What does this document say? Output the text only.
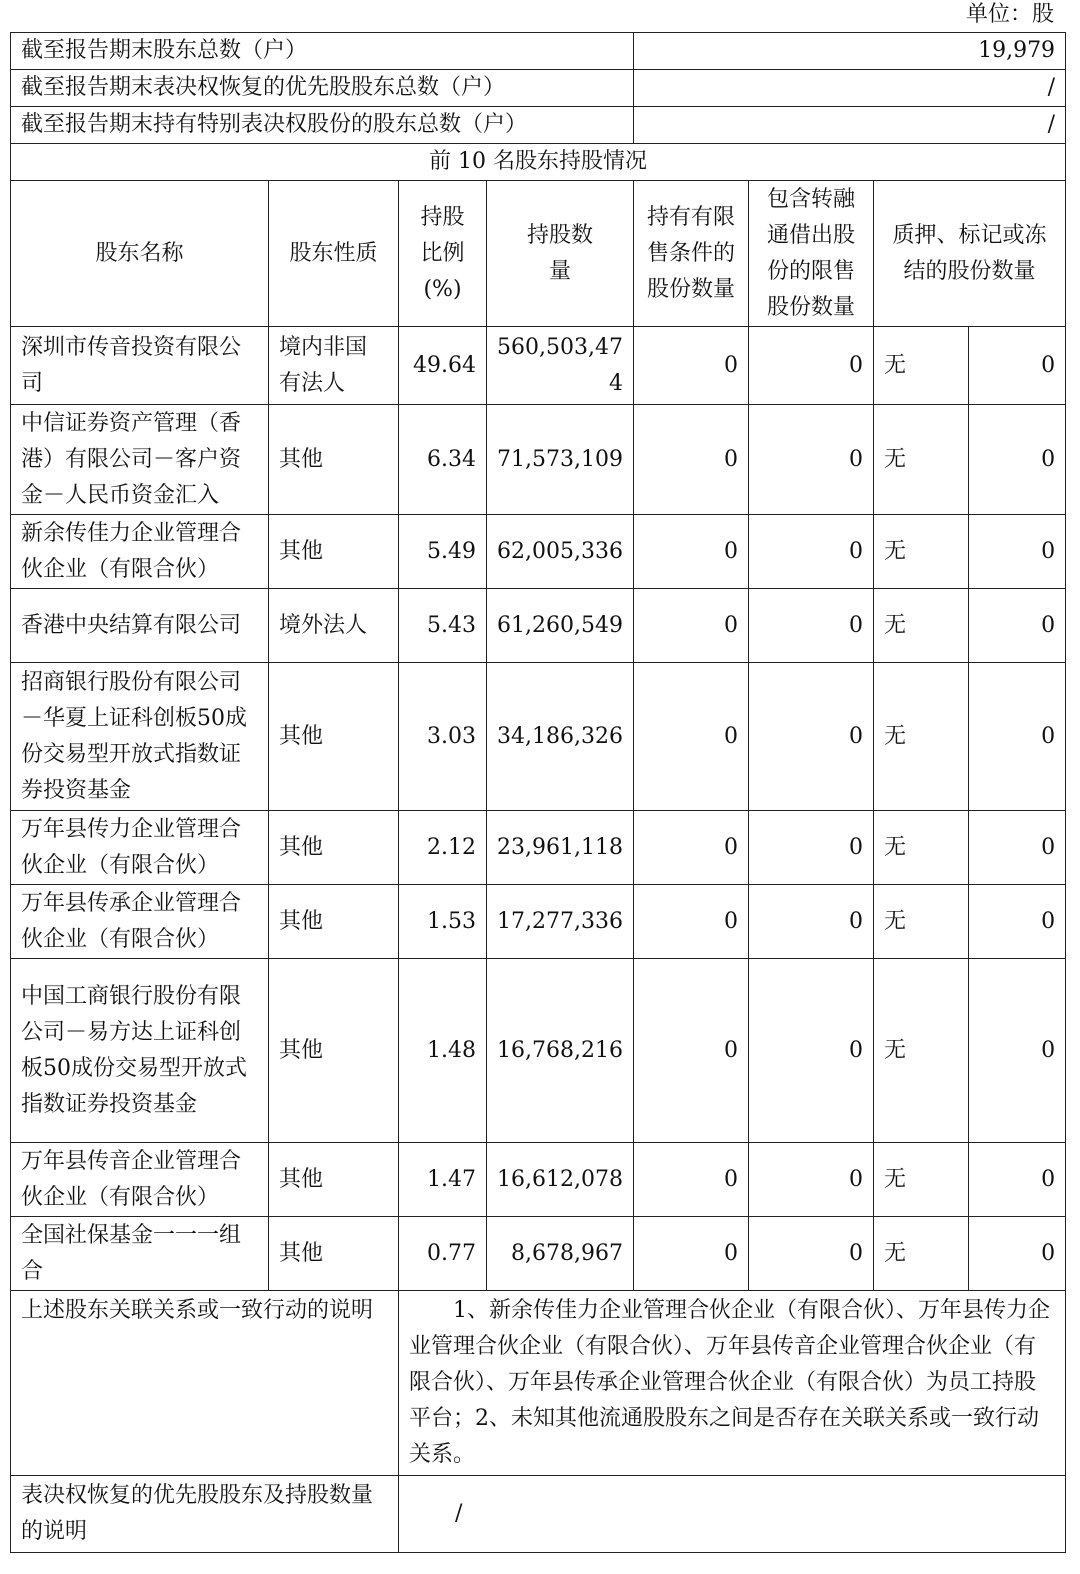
单位：股
截至报告期末股东总数（户）				19,979			
截至报告期末表决权恢复的优先股股东总数（户）				/			
截至报告期末持有特别表决权股份的股东总数（户）				/			
前 10 名股东持股情况							
股东名称	股东性质	持股比例(%)	持股数量	持有有限售条件的股份数量	包含转融通借出股份的限售股份数量	质押、标记或冻结的股份数量	
深圳市传音投资有限公司	境内非国有法人	49.64	560,503,474	0	0	无	0
中信证券资产管理（香港）有限公司－客户资金－人民币资金汇入	其他	6.34	71,573,109	0	0	无	0
新余传佳力企业管理合伙企业（有限合伙）	其他	5.49	62,005,336	0	0	无	0
香港中央结算有限公司	境外法人	5.43	61,260,549	0	0	无	0
招商银行股份有限公司－华夏上证科创板50成份交易型开放式指数证券投资基金	其他	3.03	34,186,326	0	0	无	0
万年县传力企业管理合伙企业（有限合伙）	其他	2.12	23,961,118	0	0	无	0
万年县传承企业管理合伙企业（有限合伙）	其他	1.53	17,277,336	0	0	无	0
中国工商银行股份有限公司－易方达上证科创板50成份交易型开放式指数证券投资基金	其他	1.48	16,768,216	0	0	无	0
万年县传音企业管理合伙企业（有限合伙）	其他	1.47	16,612,078	0	0	无	0
全国社保基金一一一组合	其他	0.77	8,678,967	0	0	无	0
上述股东关联关系或一致行动的说明		1、新余传佳力企业管理合伙企业（有限合伙）、万年县传力企业管理合伙企业（有限合伙）、万年县传音企业管理合伙企业（有限合伙）、万年县传承企业管理合伙企业（有限合伙）为员工持股平台；2、未知其他流通股股东之间是否存在关联关系或一致行动关系。					
表决权恢复的优先股股东及持股数量的说明		/					
